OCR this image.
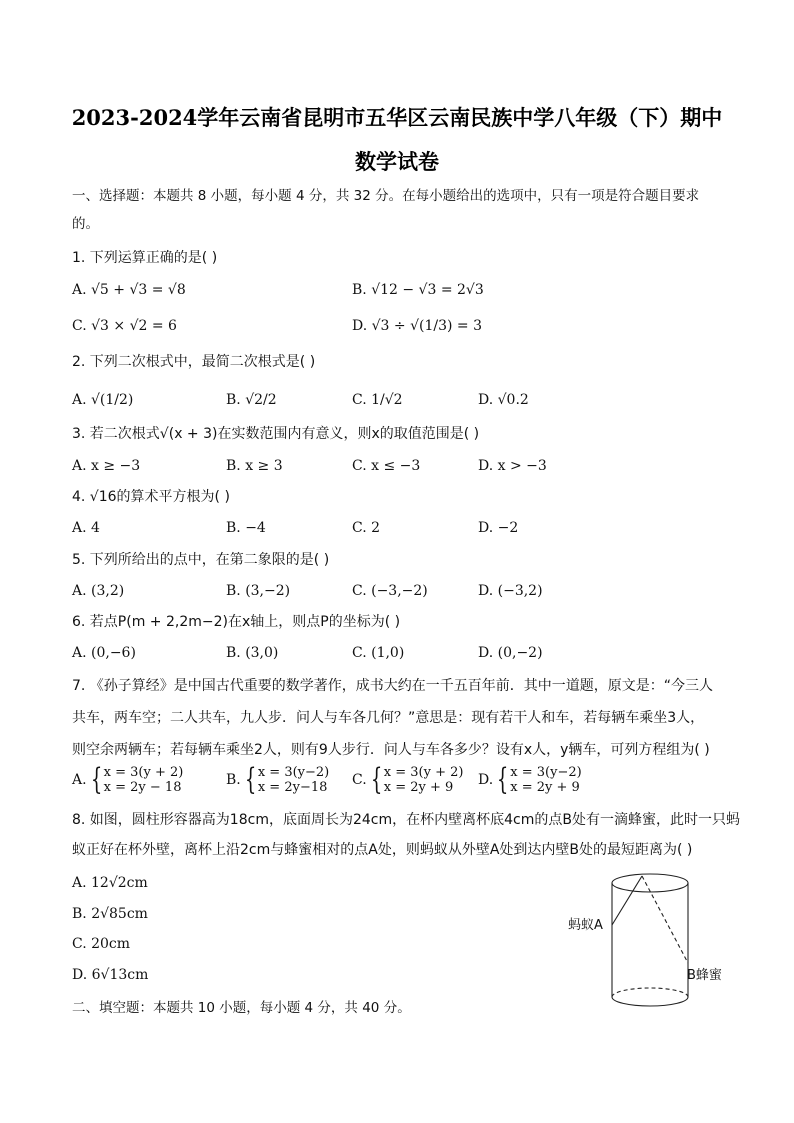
2023-2024学年云南省昆明市五华区云南民族中学八年级（下）期中
数学试卷
一、选择题：本题共 8 小题，每小题 4 分，共 32 分。在每小题给出的选项中，只有一项是符合题目要求
的。
1. 下列运算正确的是( )
A. √5 + √3 = √8	B. √12 − √3 = 2√3
C. √3 × √2 = 6	D. √3 ÷ √(1/3) = 3
2. 下列二次根式中，最简二次根式是( )
A. √(1/2)	B. √2/2	C. 1/√2	D. √0.2
3. 若二次根式√(x + 3)在实数范围内有意义，则x的取值范围是( )
A. x ≥ −3	B. x ≥ 3	C. x ≤ −3	D. x > −3
4. √16的算术平方根为( )
A. 4	B. −4	C. 2	D. −2
5. 下列所给出的点中，在第二象限的是( )
A. (3,2)	B. (3,−2)	C. (−3,−2)	D. (−3,2)
6. 若点P(m + 2,2m−2)在x轴上，则点P的坐标为( )
A. (0,−6)	B. (3,0)	C. (1,0)	D. (0,−2)
7. 《孙子算经》是中国古代重要的数学著作，成书大约在一千五百年前．其中一道题，原文是：“今三人
共车，两车空；二人共车，九人步．问人与车各几何？”意思是：现有若干人和车，若每辆车乘坐3人，
则空余两辆车；若每辆车乘坐2人，则有9人步行．问人与车各多少？设有x人，y辆车，可列方程组为( )
A. { x = 3(y + 2)
x = 2y − 18	B. { x = 3(y−2)
x = 2y−18 C. { x = 3(y + 2)
x = 2y + 9	D. { x = 3(y−2)
x = 2y + 9
8. 如图，圆柱形容器高为18cm，底面周长为24cm，在杯内壁离杯底4cm的点B处有一滴蜂蜜，此时一只蚂
蚁正好在杯外壁，离杯上沿2cm与蜂蜜相对的点A处，则蚂蚁从外壁A处到达内壁B处的最短距离为( )
A. 12√2cm
B. 2√85cm
C. 20cm
D. 6√13cm
蚂蚁A
B蜂蜜
二、填空题：本题共 10 小题，每小题 4 分，共 40 分。
